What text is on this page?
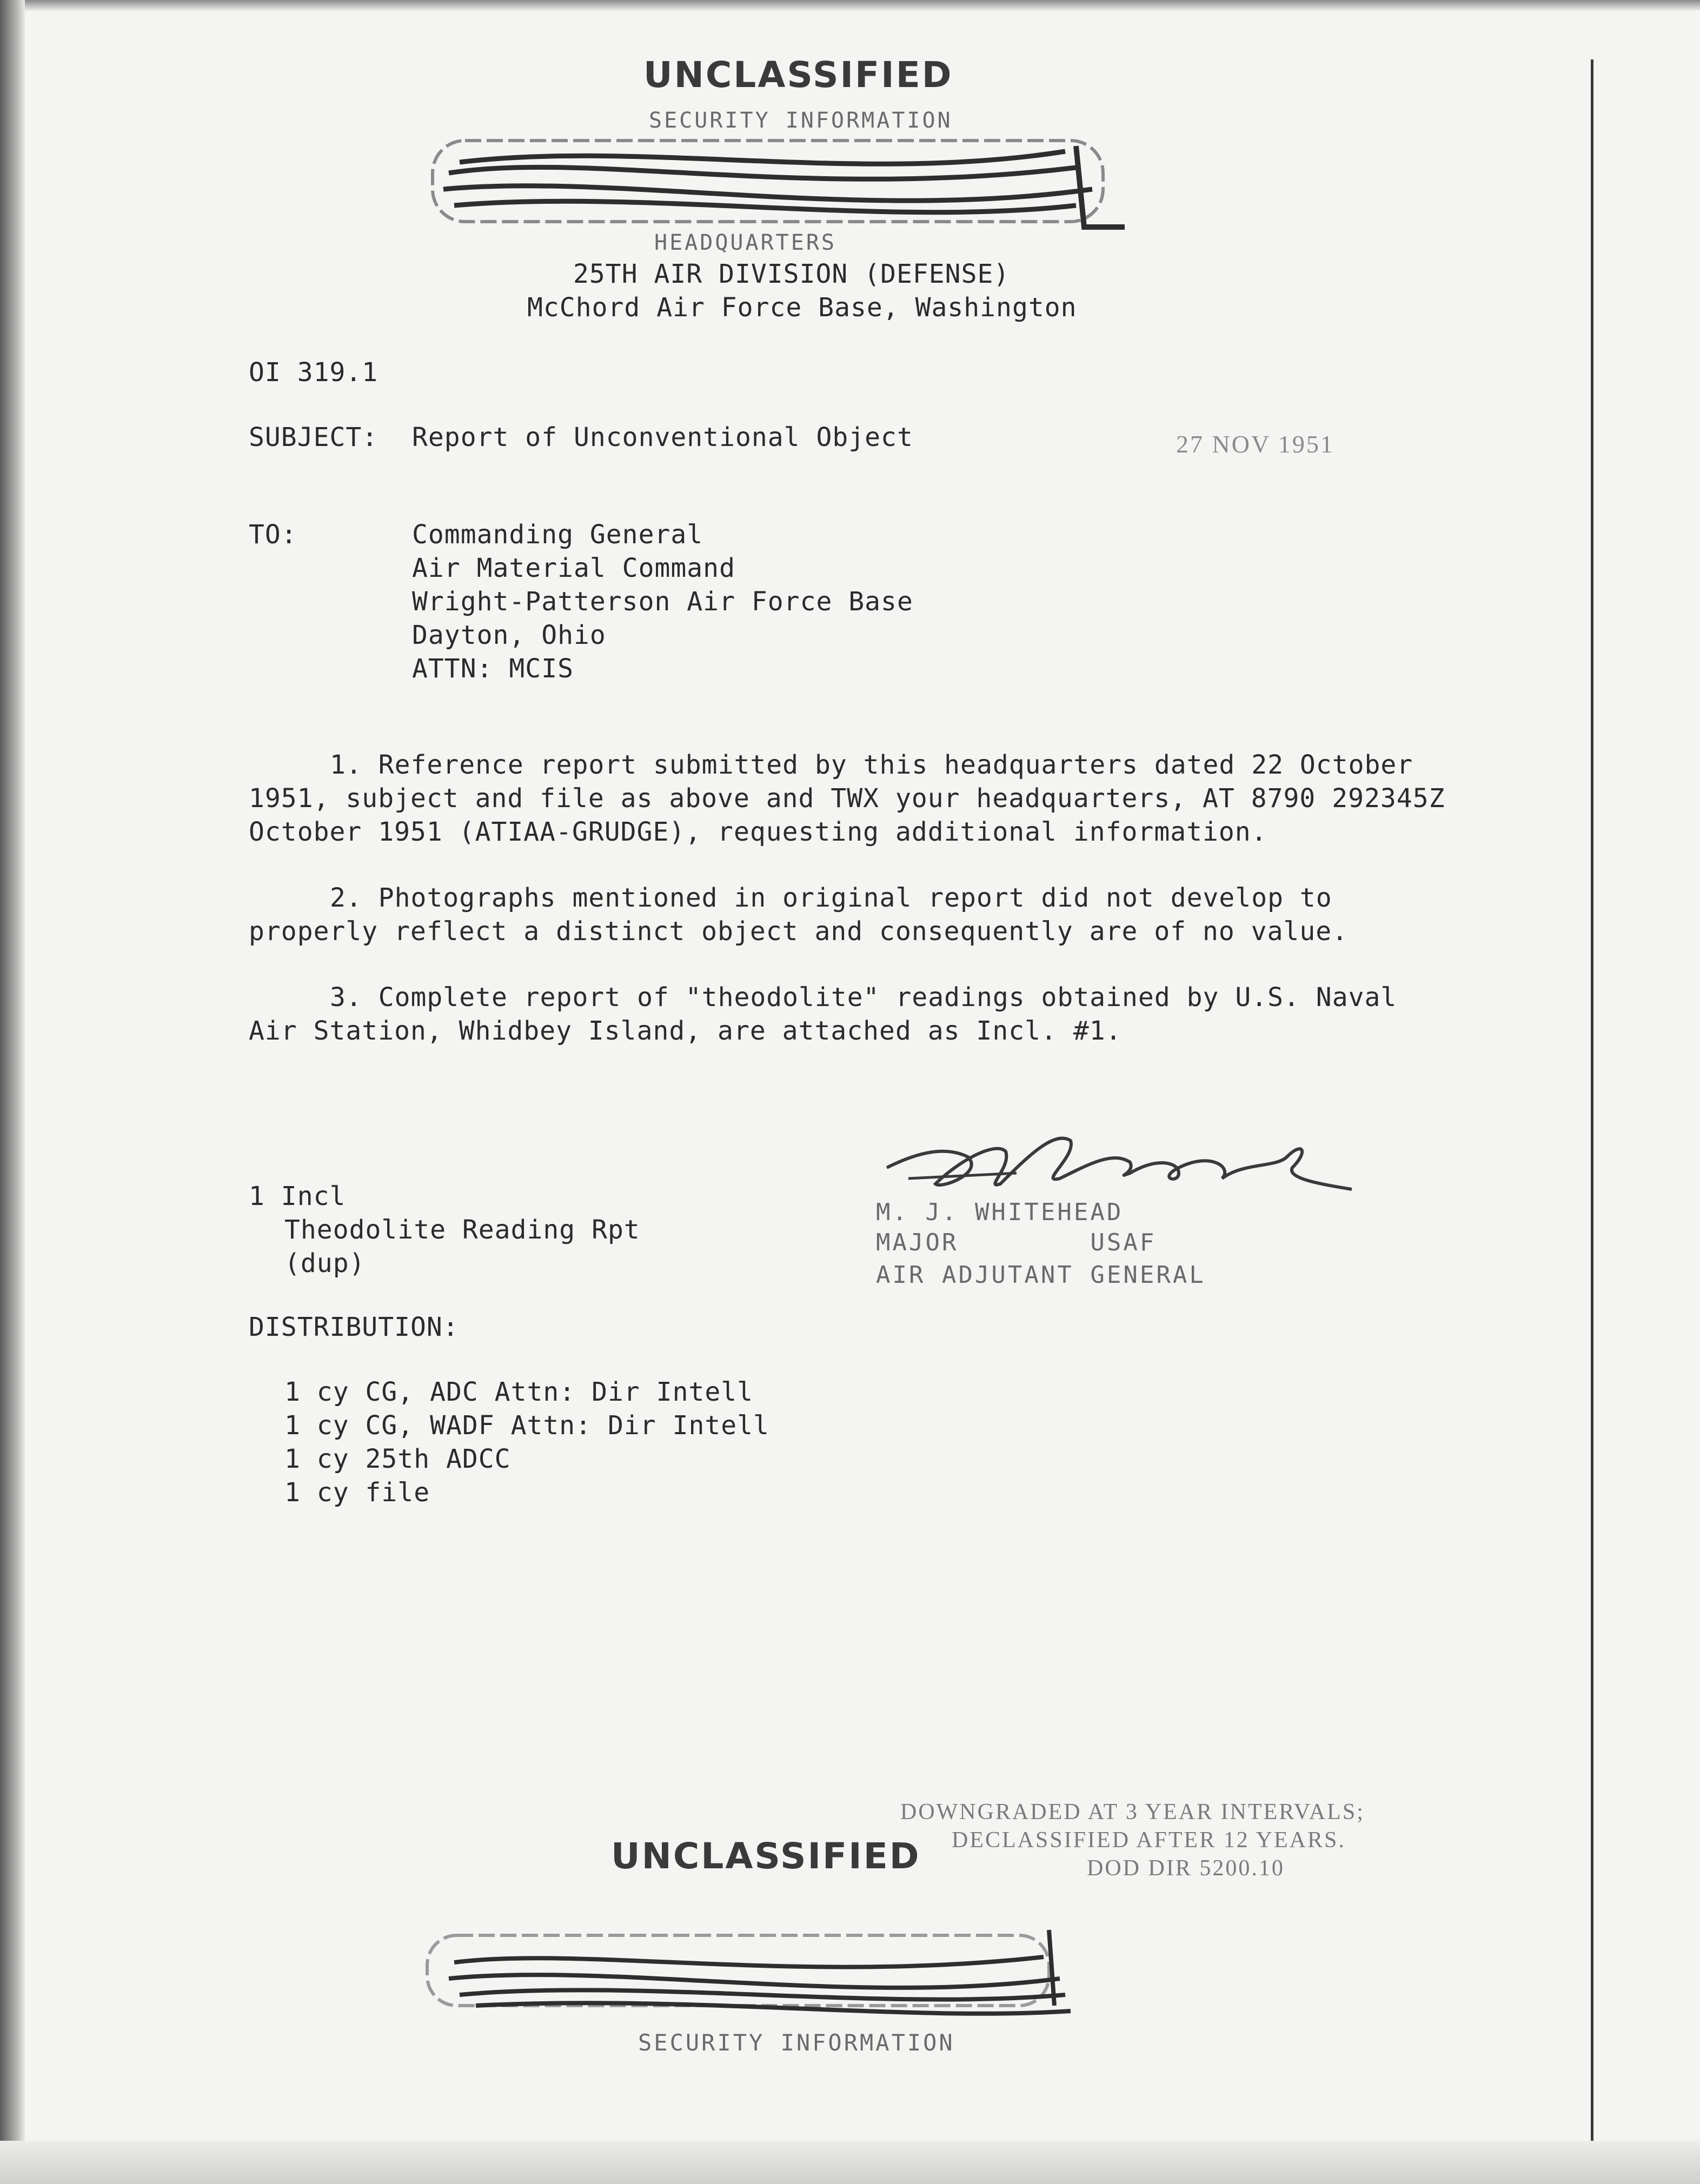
UNCLASSIFIED
SECURITY INFORMATION
HEADQUARTERS
25TH AIR DIVISION (DEFENSE)
McChord Air Force Base, Washington
OI 319.1
SUBJECT: Report of Unconventional Object	27 NOV 1951
TO:	Commanding General
Air Material Command
Wright-Patterson Air Force Base
Dayton, Ohio
ATTN: MCIS
1. Reference report submitted by this headquarters dated 22 October
1951, subject and file as above and TWX your headquarters, AT 8790 292345Z
October 1951 (ATIAA-GRUDGE), requesting additional information.
2. Photographs mentioned in original report did not develop to
properly reflect a distinct object and consequently are of no value.
3. Complete report of "theodolite" readings obtained by U.S. Naval
Air Station, Whidbey Island, are attached as Incl. #1.
M. J. WHITEHEAD
MAJOR        USAF
AIR ADJUTANT GENERAL
1 Incl
Theodolite Reading Rpt
(dup)
DISTRIBUTION:
1 cy CG, ADC Attn: Dir Intell
1 cy CG, WADF Attn: Dir Intell
1 cy 25th ADCC
1 cy file
UNCLASSIFIED
DOWNGRADED AT 3 YEAR INTERVALS;
DECLASSIFIED AFTER 12 YEARS.
DOD DIR 5200.10
SECURITY INFORMATION
